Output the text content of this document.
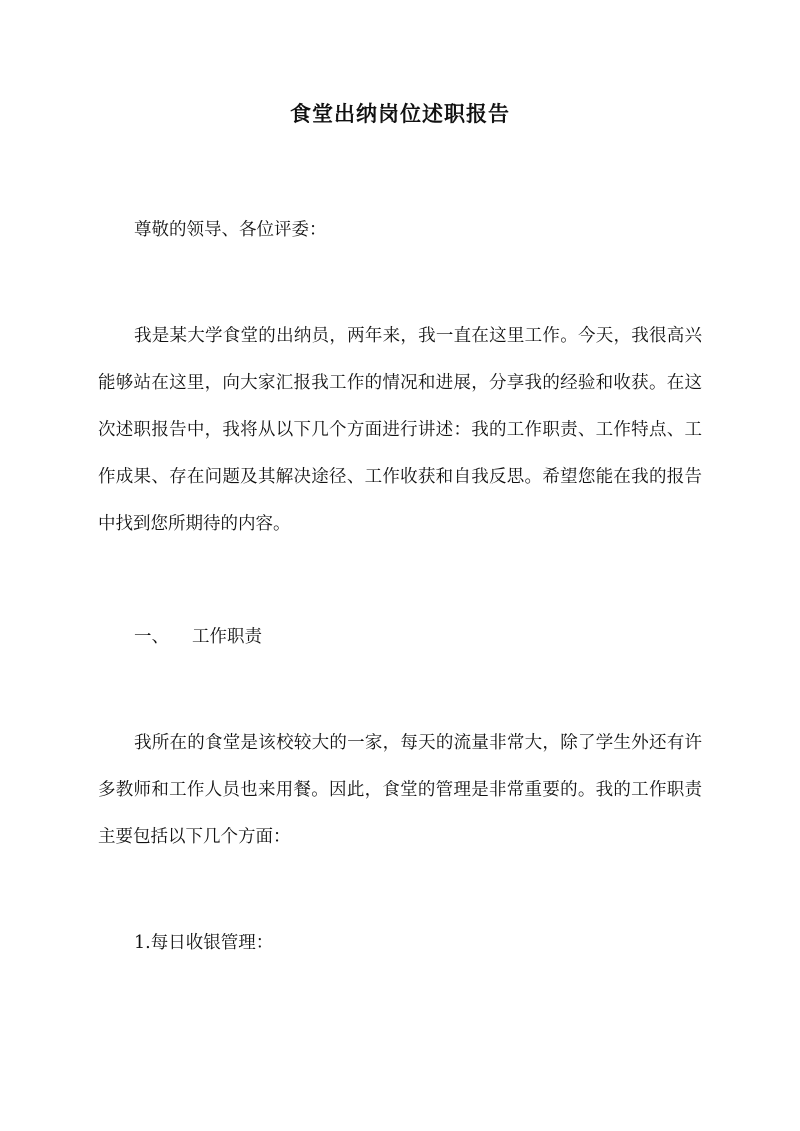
食堂出纳岗位述职报告

尊敬的领导、各位评委：

我是某大学食堂的出纳员，两年来，我一直在这里工作。今天，我很高兴能够站在这里，向大家汇报我工作的情况和进展，分享我的经验和收获。在这次述职报告中，我将从以下几个方面进行讲述：我的工作职责、工作特点、工作成果、存在问题及其解决途径、工作收获和自我反思。希望您能在我的报告中找到您所期待的内容。

一、 工作职责

我所在的食堂是该校较大的一家，每天的流量非常大，除了学生外还有许多教师和工作人员也来用餐。因此，食堂的管理是非常重要的。我的工作职责主要包括以下几个方面：

1.每日收银管理：
